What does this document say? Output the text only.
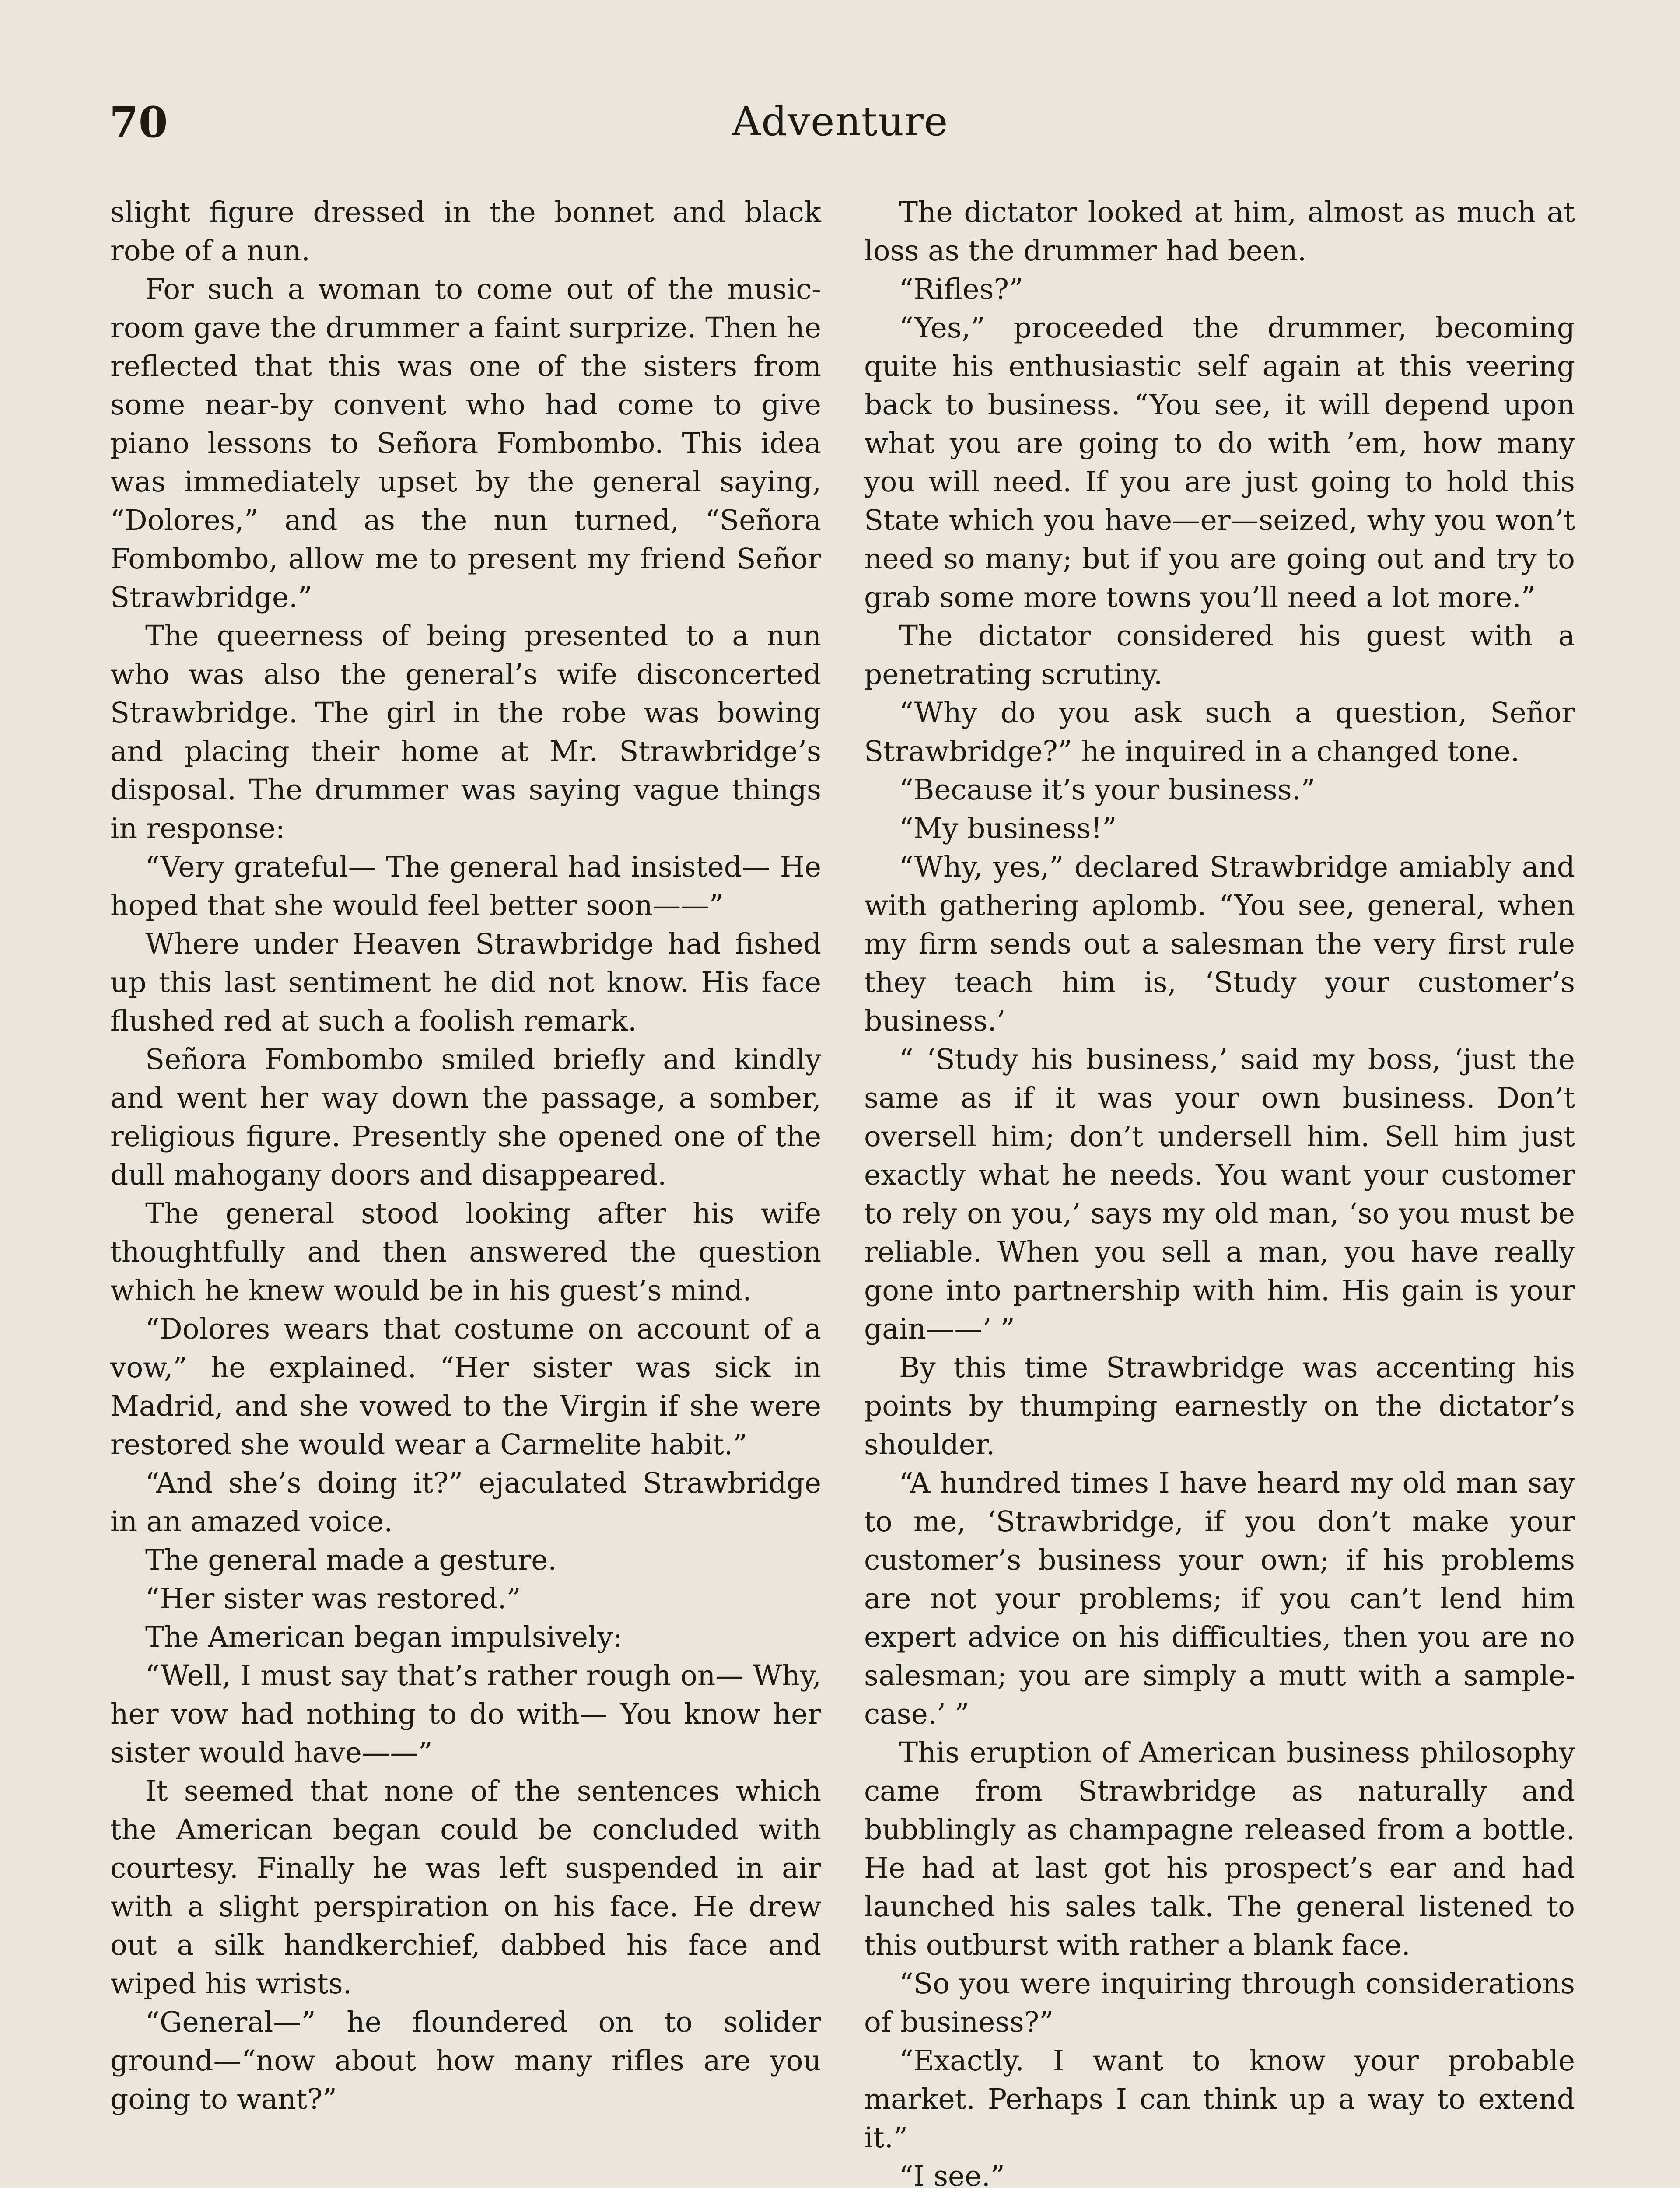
70	Adventure

slight figure dressed in the bonnet and black robe of a nun.

For such a woman to come out of the music-room gave the drummer a faint surprize. Then he reflected that this was one of the sisters from some near-by convent who had come to give piano lessons to Señora Fombombo. This idea was immediately upset by the general saying, “Dolores,” and as the nun turned, “Señora Fombombo, allow me to present my friend Señor Strawbridge.”

The queerness of being presented to a nun who was also the general’s wife disconcerted Strawbridge. The girl in the robe was bowing and placing their home at Mr. Strawbridge’s disposal. The drummer was saying vague things in response:

“Very grateful— The general had insisted— He hoped that she would feel better soon——”

Where under Heaven Strawbridge had fished up this last sentiment he did not know. His face flushed red at such a foolish remark.

Señora Fombombo smiled briefly and kindly and went her way down the passage, a somber, religious figure. Presently she opened one of the dull mahogany doors and disappeared.

The general stood looking after his wife thoughtfully and then answered the question which he knew would be in his guest’s mind.

“Dolores wears that costume on account of a vow,” he explained. “Her sister was sick in Madrid, and she vowed to the Virgin if she were restored she would wear a Carmelite habit.”

“And she’s doing it?” ejaculated Strawbridge in an amazed voice.

The general made a gesture.

“Her sister was restored.”

The American began impulsively:

“Well, I must say that’s rather rough on— Why, her vow had nothing to do with— You know her sister would have——”

It seemed that none of the sentences which the American began could be concluded with courtesy. Finally he was left suspended in air with a slight perspiration on his face. He drew out a silk handkerchief, dabbed his face and wiped his wrists.

“General—” he floundered on to solider ground—“now about how many rifles are you going to want?”

The dictator looked at him, almost as much at loss as the drummer had been.

“Rifles?”

“Yes,” proceeded the drummer, becoming quite his enthusiastic self again at this veering back to business. “You see, it will depend upon what you are going to do with ’em, how many you will need. If you are just going to hold this State which you have—er—seized, why you won’t need so many; but if you are going out and try to grab some more towns you’ll need a lot more.”

The dictator considered his guest with a penetrating scrutiny.

“Why do you ask such a question, Señor Strawbridge?” he inquired in a changed tone.

“Because it’s your business.”

“My business!”

“Why, yes,” declared Strawbridge amiably and with gathering aplomb. “You see, general, when my firm sends out a salesman the very first rule they teach him is, ‘Study your customer’s business.’

“ ‘Study his business,’ said my boss, ‘just the same as if it was your own business. Don’t oversell him; don’t undersell him. Sell him just exactly what he needs. You want your customer to rely on you,’ says my old man, ‘so you must be reliable. When you sell a man, you have really gone into partnership with him. His gain is your gain——’ ”

By this time Strawbridge was accenting his points by thumping earnestly on the dictator’s shoulder.

“A hundred times I have heard my old man say to me, ‘Strawbridge, if you don’t make your customer’s business your own; if his problems are not your problems; if you can’t lend him expert advice on his difficulties, then you are no salesman; you are simply a mutt with a sample-case.’ ”

This eruption of American business philosophy came from Strawbridge as naturally and bubblingly as champagne released from a bottle. He had at last got his prospect’s ear and had launched his sales talk. The general listened to this outburst with rather a blank face.

“So you were inquiring through considerations of business?”

“Exactly. I want to know your probable market. Perhaps I can think up a way to extend it.”

“I see.”
